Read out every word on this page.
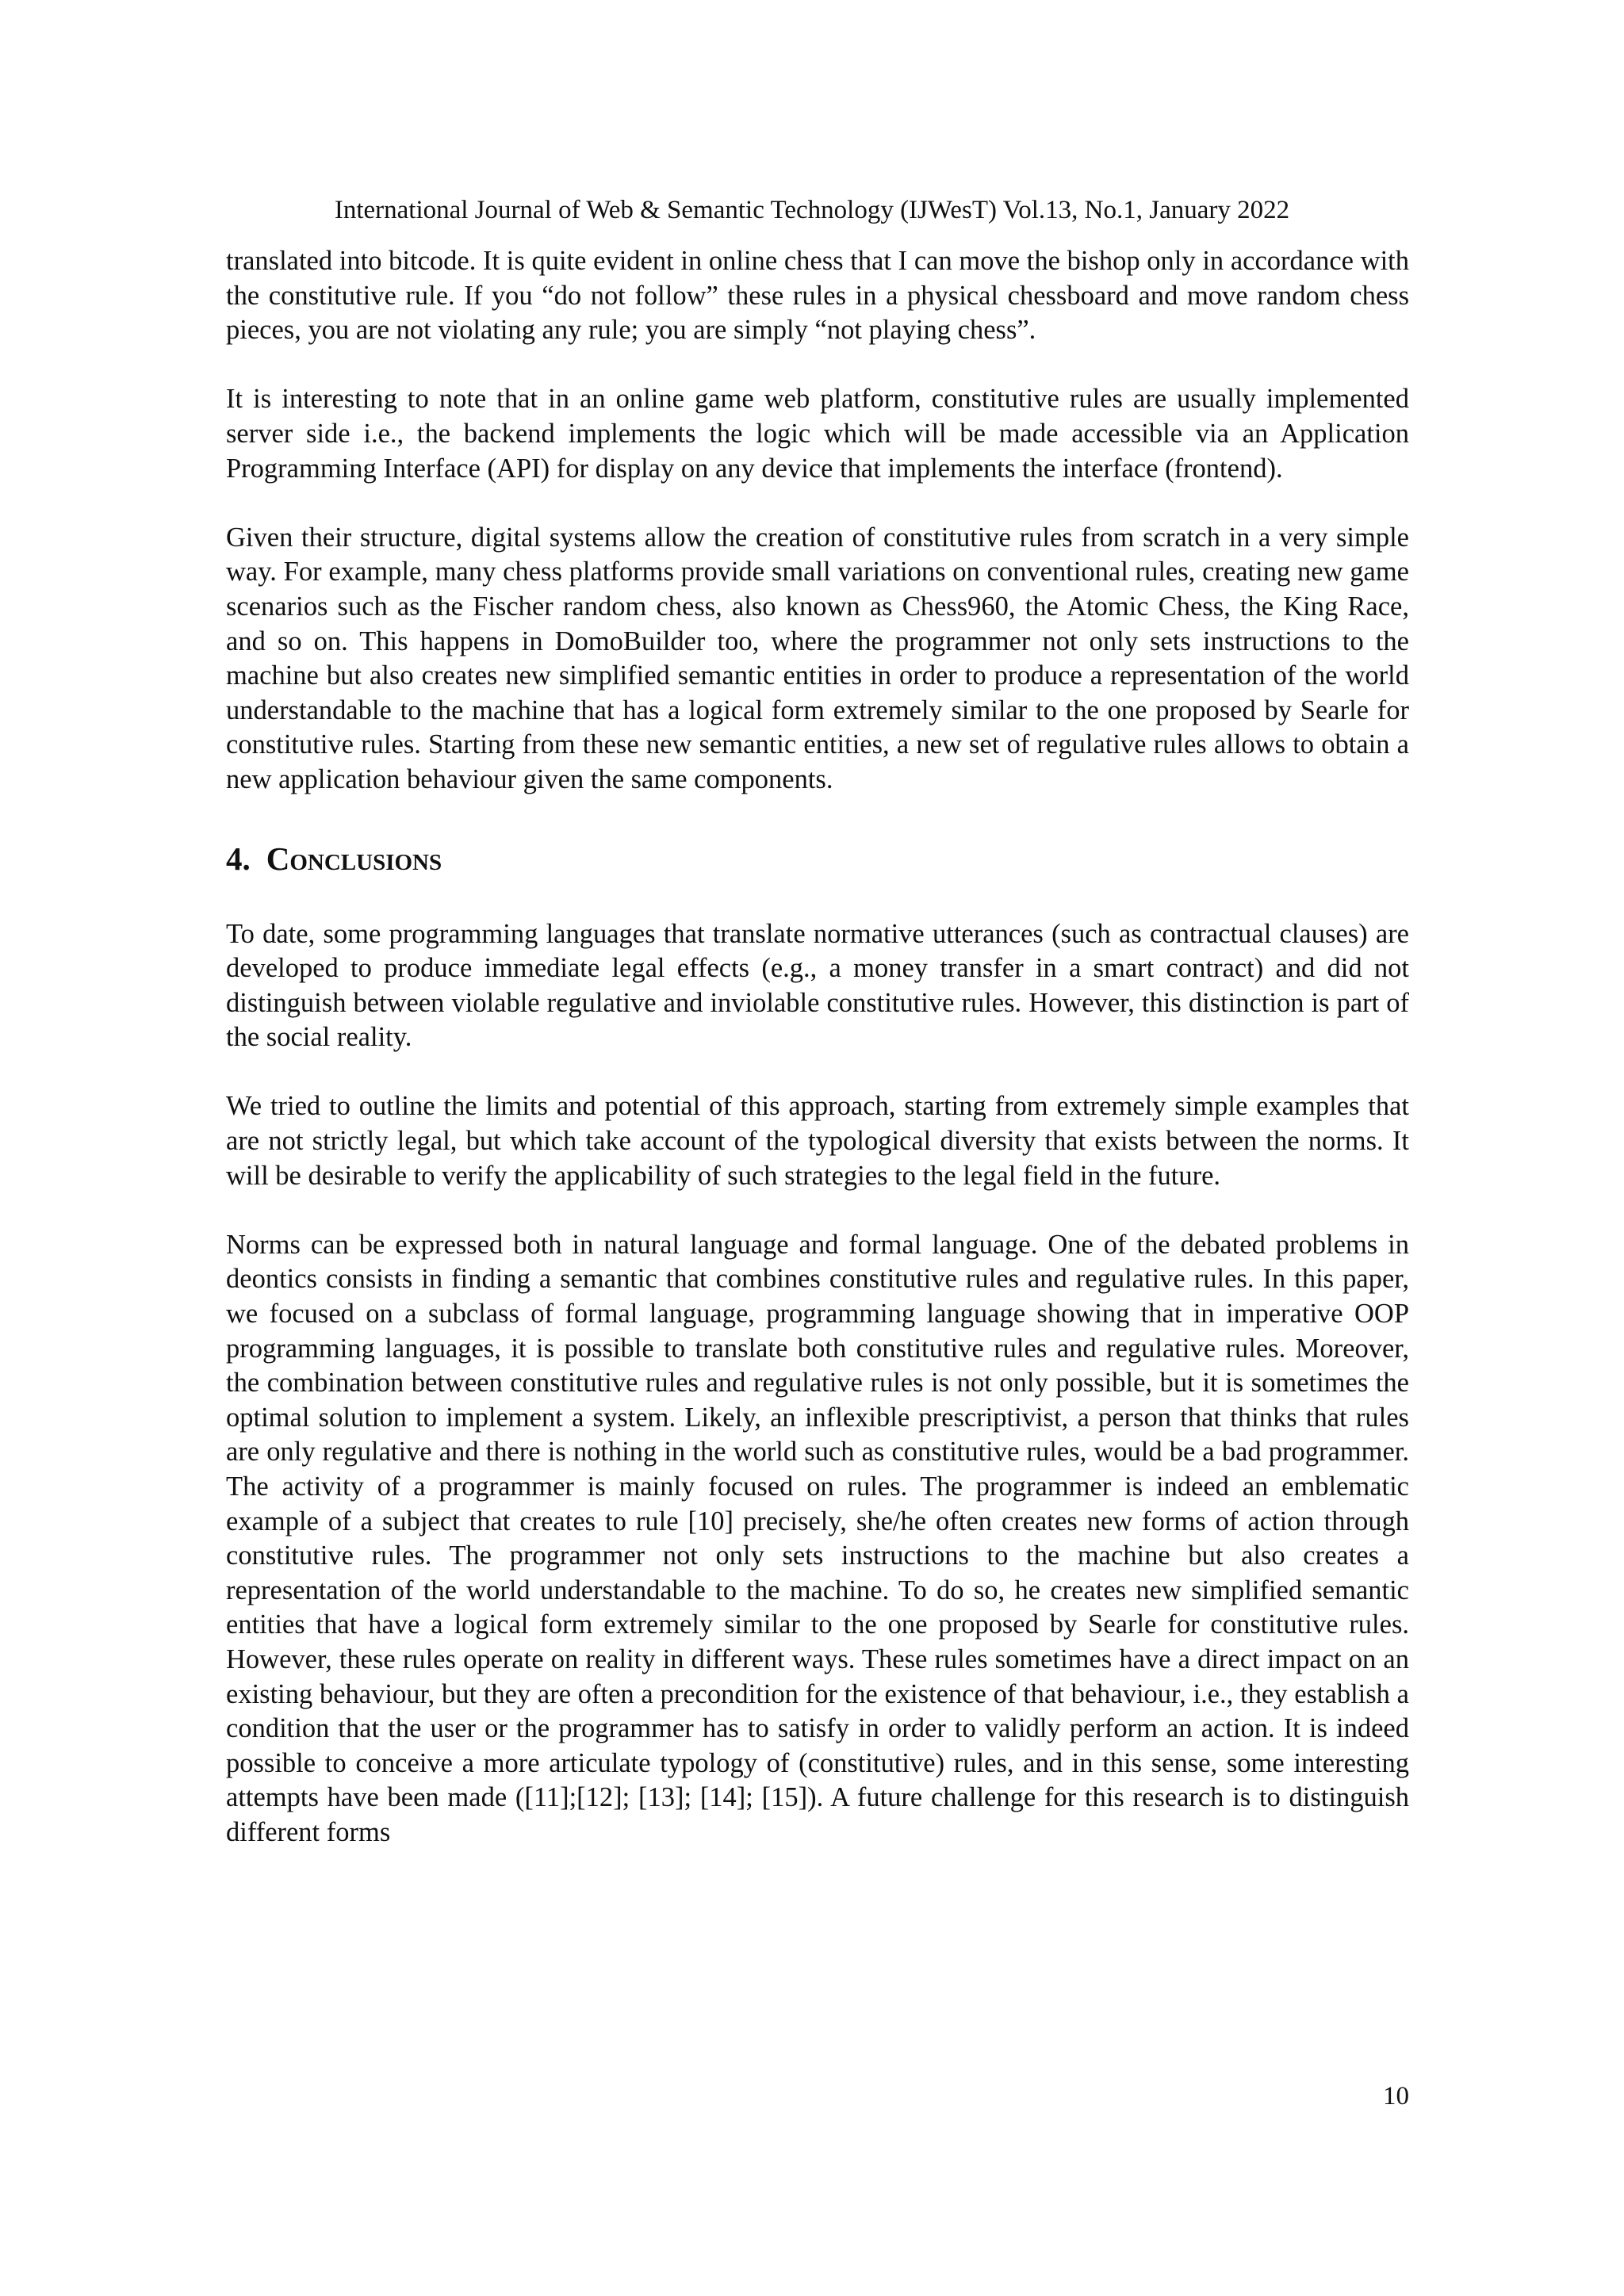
International Journal of Web & Semantic Technology (IJWesT) Vol.13, No.1, January 2022

translated into bitcode. It is quite evident in online chess that I can move the bishop only in accordance with the constitutive rule. If you “do not follow” these rules in a physical chessboard and move random chess pieces, you are not violating any rule; you are simply “not playing chess”.

It is interesting to note that in an online game web platform, constitutive rules are usually implemented server side i.e., the backend implements the logic which will be made accessible via an Application Programming Interface (API) for display on any device that implements the interface (frontend).

Given their structure, digital systems allow the creation of constitutive rules from scratch in a very simple way. For example, many chess platforms provide small variations on conventional rules, creating new game scenarios such as the Fischer random chess, also known as Chess960, the Atomic Chess, the King Race, and so on. This happens in DomoBuilder too, where the programmer not only sets instructions to the machine but also creates new simplified semantic entities in order to produce a representation of the world understandable to the machine that has a logical form extremely similar to the one proposed by Searle for constitutive rules. Starting from these new semantic entities, a new set of regulative rules allows to obtain a new application behaviour given the same components.

4. Conclusions

To date, some programming languages that translate normative utterances (such as contractual clauses) are developed to produce immediate legal effects (e.g., a money transfer in a smart contract) and did not distinguish between violable regulative and inviolable constitutive rules. However, this distinction is part of the social reality.

We tried to outline the limits and potential of this approach, starting from extremely simple examples that are not strictly legal, but which take account of the typological diversity that exists between the norms. It will be desirable to verify the applicability of such strategies to the legal field in the future.

Norms can be expressed both in natural language and formal language. One of the debated problems in deontics consists in finding a semantic that combines constitutive rules and regulative rules. In this paper, we focused on a subclass of formal language, programming language showing that in imperative OOP programming languages, it is possible to translate both constitutive rules and regulative rules. Moreover, the combination between constitutive rules and regulative rules is not only possible, but it is sometimes the optimal solution to implement a system. Likely, an inflexible prescriptivist, a person that thinks that rules are only regulative and there is nothing in the world such as constitutive rules, would be a bad programmer. The activity of a programmer is mainly focused on rules. The programmer is indeed an emblematic example of a subject that creates to rule [10] precisely, she/he often creates new forms of action through constitutive rules. The programmer not only sets instructions to the machine but also creates a representation of the world understandable to the machine. To do so, he creates new simplified semantic entities that have a logical form extremely similar to the one proposed by Searle for constitutive rules. However, these rules operate on reality in different ways. These rules sometimes have a direct impact on an existing behaviour, but they are often a precondition for the existence of that behaviour, i.e., they establish a condition that the user or the programmer has to satisfy in order to validly perform an action. It is indeed possible to conceive a more articulate typology of (constitutive) rules, and in this sense, some interesting attempts have been made ([11];[12]; [13]; [14]; [15]). A future challenge for this research is to distinguish different forms

10
